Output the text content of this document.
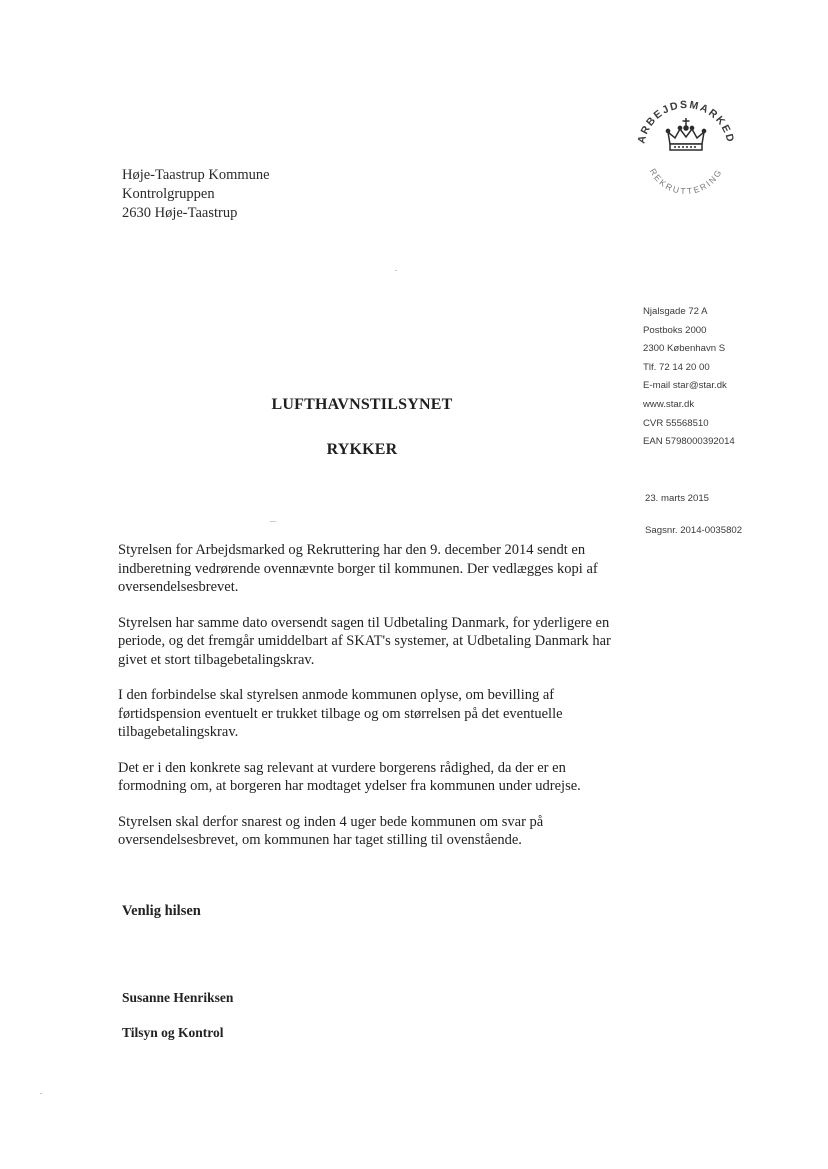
ARBEJDSMARKED
REKRUTTERING
Høje-Taastrup Kommune
Kontrolgruppen
2630 Høje-Taastrup
Njalsgade 72 A
Postboks 2000
2300 København S
Tlf. 72 14 20 00
E-mail star@star.dk
www.star.dk
CVR 55568510
EAN 5798000392014
23. marts 2015
Sagsnr. 2014-0035802
LUFTHAVNSTILSYNET
RYKKER

Styrelsen for Arbejdsmarked og Rekruttering har den 9. december 2014 sendt en indberetning vedrørende ovennævnte borger til kommunen. Der vedlægges kopi af oversendelsesbrevet.

Styrelsen har samme dato oversendt sagen til Udbetaling Danmark, for yderligere en periode, og det fremgår umiddelbart af SKAT's systemer, at Udbetaling Danmark har givet et stort tilbagebetalingskrav.

I den forbindelse skal styrelsen anmode kommunen oplyse, om bevilling af førtidspension eventuelt er trukket tilbage og om størrelsen på det eventuelle tilbagebetalingskrav.

Det er i den konkrete sag relevant at vurdere borgerens rådighed, da der er en formodning om, at borgeren har modtaget ydelser fra kommunen under udrejse.

Styrelsen skal derfor snarest og inden 4 uger bede kommunen om svar på oversendelsesbrevet, om kommunen har taget stilling til ovenstående.

Venlig hilsen
Susanne Henriksen
Tilsyn og Kontrol
